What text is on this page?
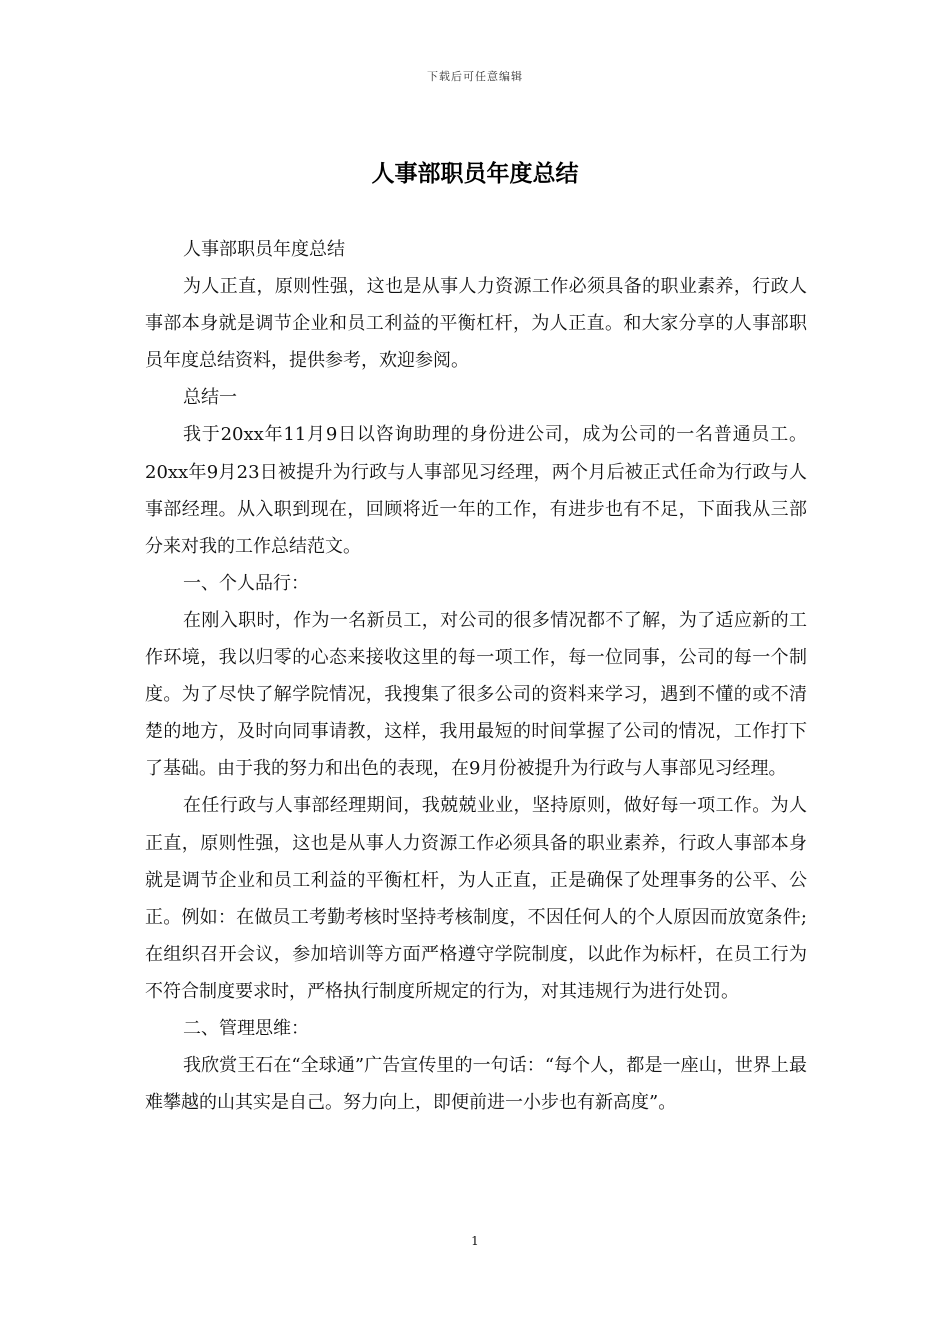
下载后可任意编辑
人事部职员年度总结

人事部职员年度总结

为人正直，原则性强，这也是从事人力资源工作必须具备的职业素养，行政人事部本身就是调节企业和员工利益的平衡杠杆，为人正直。和大家分享的人事部职员年度总结资料，提供参考，欢迎参阅。

总结一

我于20xx年11月9日以咨询助理的身份进公司，成为公司的一名普通员工。20xx年9月23日被提升为行政与人事部见习经理，两个月后被正式任命为行政与人事部经理。从入职到现在，回顾将近一年的工作，有进步也有不足，下面我从三部分来对我的工作总结范文。

一、个人品行：

在刚入职时，作为一名新员工，对公司的很多情况都不了解，为了适应新的工作环境，我以归零的心态来接收这里的每一项工作，每一位同事，公司的每一个制度。为了尽快了解学院情况，我搜集了很多公司的资料来学习，遇到不懂的或不清楚的地方，及时向同事请教，这样，我用最短的时间掌握了公司的情况，工作打下了基础。由于我的努力和出色的表现，在9月份被提升为行政与人事部见习经理。

在任行政与人事部经理期间，我兢兢业业，坚持原则，做好每一项工作。为人正直，原则性强，这也是从事人力资源工作必须具备的职业素养，行政人事部本身就是调节企业和员工利益的平衡杠杆，为人正直，正是确保了处理事务的公平、公正。例如：在做员工考勤考核时坚持考核制度，不因任何人的个人原因而放宽条件;在组织召开会议，参加培训等方面严格遵守学院制度，以此作为标杆，在员工行为不符合制度要求时，严格执行制度所规定的行为，对其违规行为进行处罚。

二、管理思维：

我欣赏王石在“全球通”广告宣传里的一句话：“每个人，都是一座山，世界上最难攀越的山其实是自己。努力向上，即便前进一小步也有新高度”。

1
